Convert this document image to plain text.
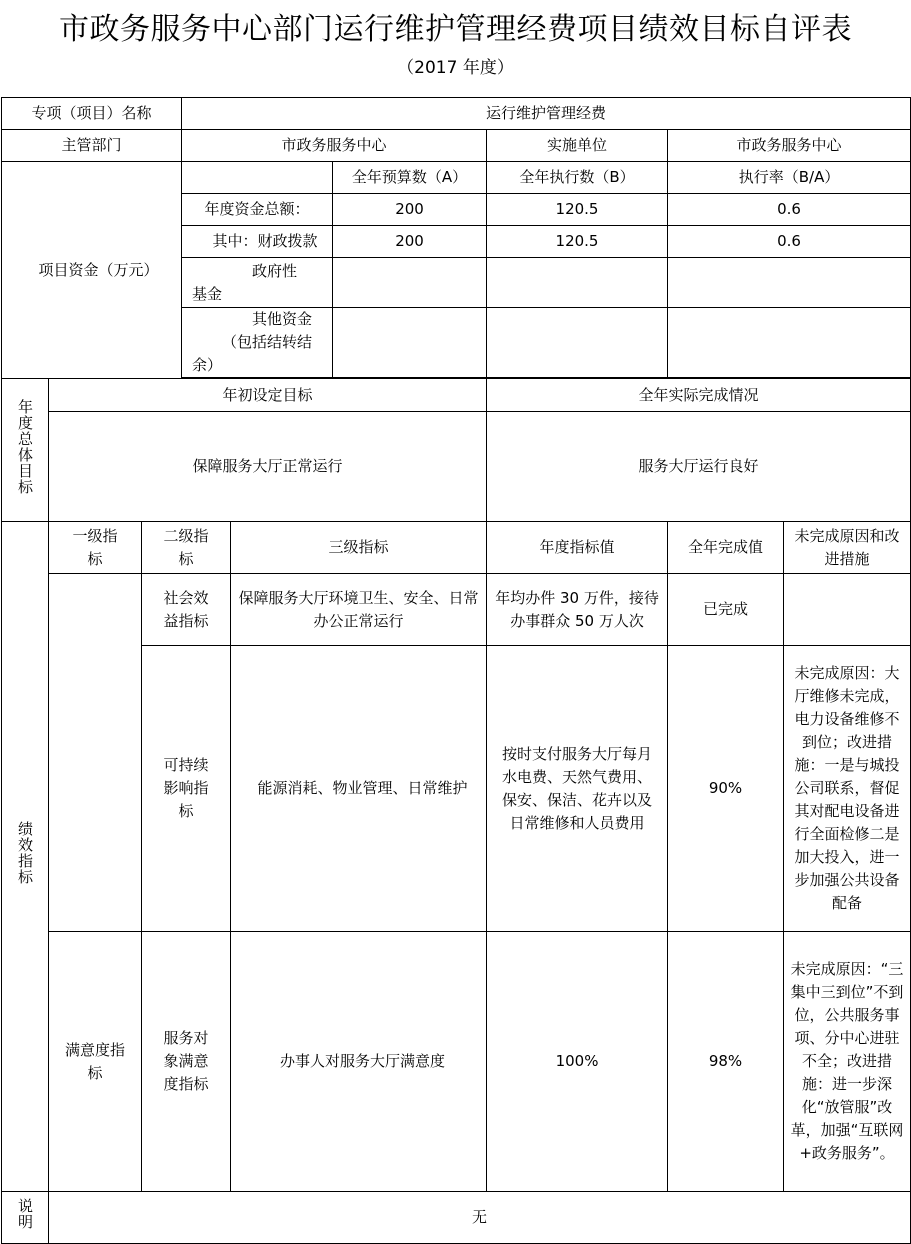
市政务服务中心部门运行维护管理经费项目绩效目标自评表
（2017 年度）
专项（项目）名称			运行维护管理经费					
主管部门			市政务服务中心			实施单位	市政务服务中心	
项目资金（万元）					全年预算数（A）	全年执行数（B）	执行率（B/A）	
			年度资金总额：		200	120.5	0.6	
			其中：财政拨款		200	120.5	0.6	

			政府性
基金					

			其他资金
（包括结转结
余）					

年度总体目标	年初设定目标					全年实际完成情况		
	保障服务大厅正常运行					服务大厅运行良好		
绩效指标	一级指标	二级指标		三级指标		年度指标值	全年完成值	未完成原因和改进措施
		社会效益指标		保障服务大厅环境卫生、安全、日常办公正常运行		年均办件 30 万件，接待办事群众 50 万人次	已完成	
		可持续影响指标		能源消耗、物业管理、日常维护		按时支付服务大厅每月水电费、天然气费用、保安、保洁、花卉以及日常维修和人员费用	90%	未完成原因：大厅维修未完成，电力设备维修不到位；改进措施：一是与城投公司联系，督促其对配电设备进行全面检修二是加大投入，进一步加强公共设备配备
	满意度指标	服务对象满意度指标		办事人对服务大厅满意度		100%	98%	未完成原因：“三集中三到位”不到位，公共服务事项、分中心进驻不全；改进措施：进一步深化“放管服”改革，加强“互联网+政务服务”。
说明	无							
